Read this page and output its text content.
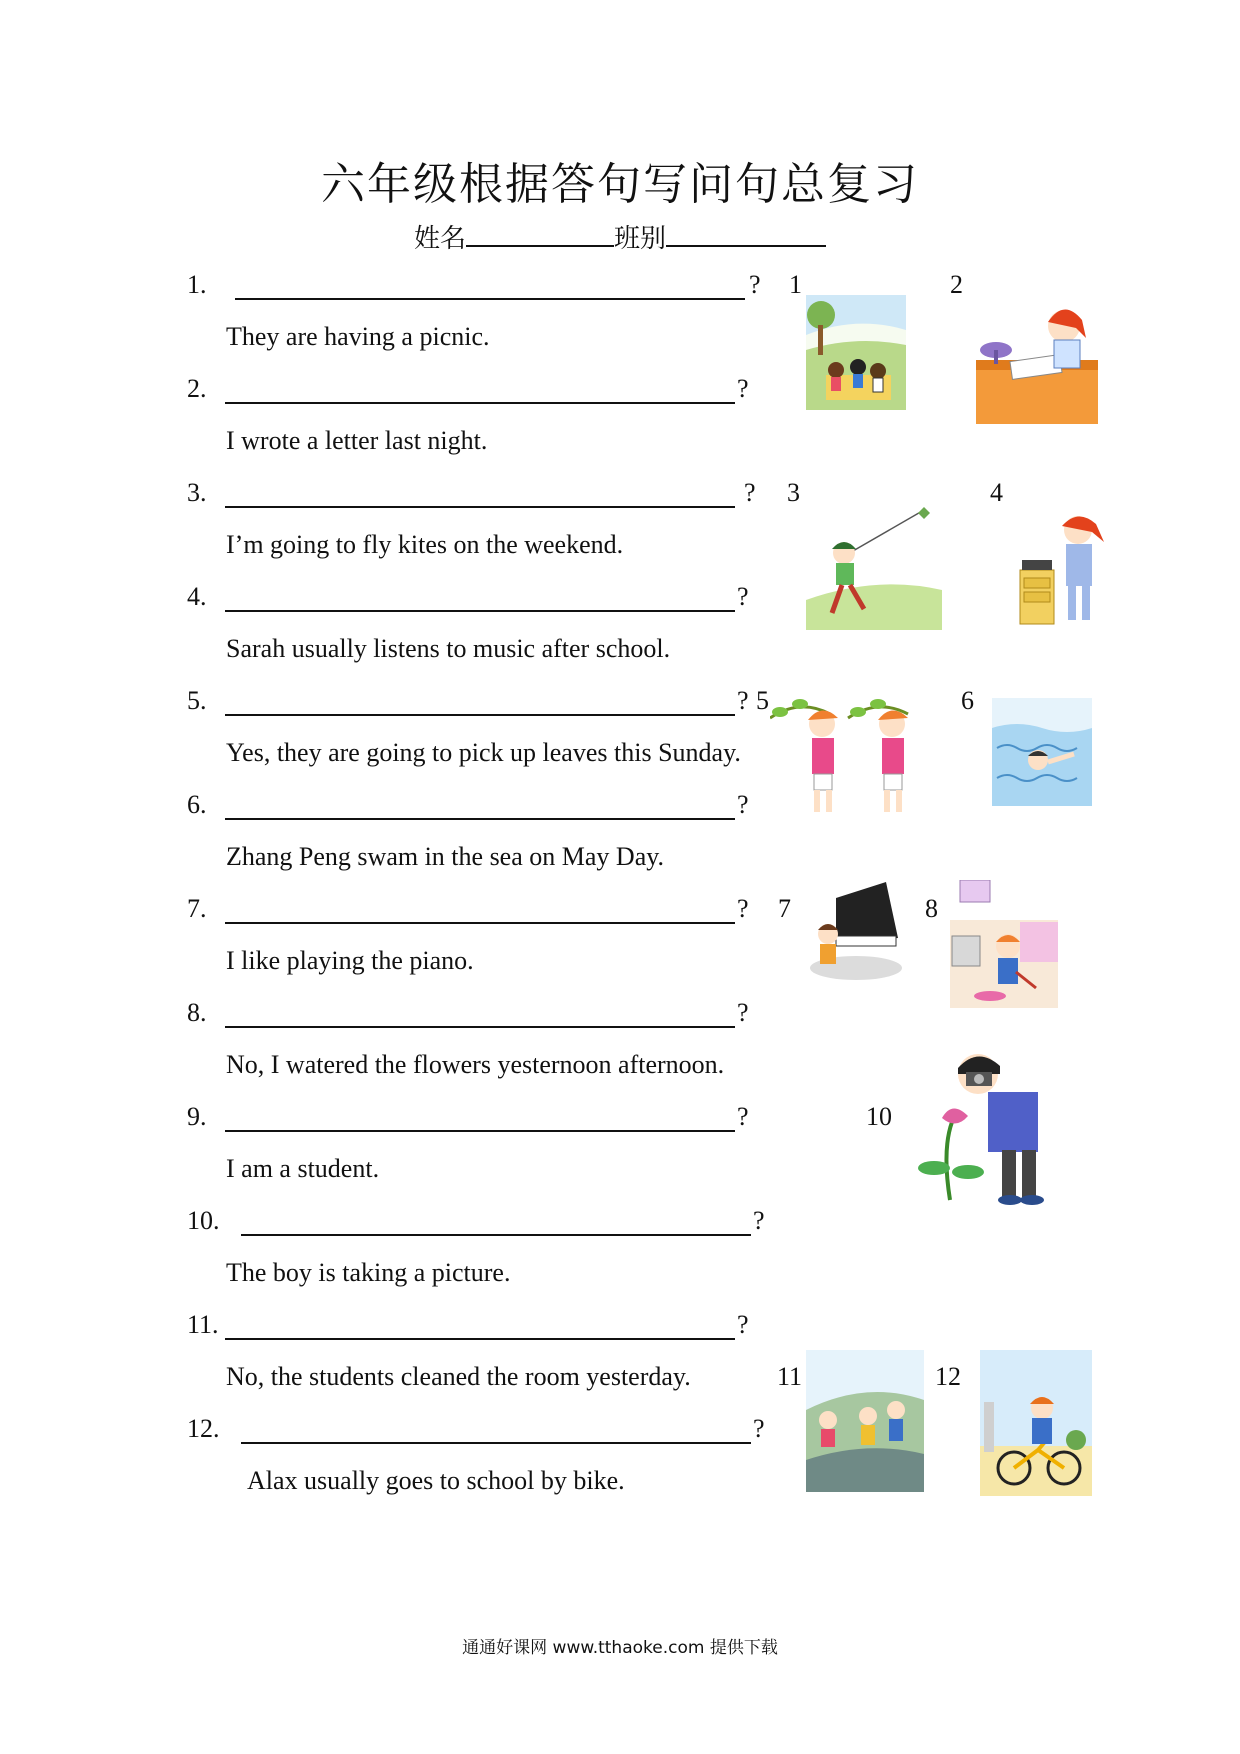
六年级根据答句写问句总复习
姓名	班别
1.	?
They are having a picnic.
2.	?
I wrote a letter last night.
3.	?
I’m going to fly kites on the weekend.
4.	?
Sarah usually listens to music after school.
5.	?
Yes, they are going to pick up leaves this Sunday.
6.	?
Zhang Peng swam in the sea on May Day.
7.	?
I like playing the piano.
8.	?
No, I watered the flowers yesternoon afternoon.
9.	?
I am a student.
10.	?
The boy is taking a picture.
11.	?
No, the students cleaned the room yesterday.
12.	?
Alax usually goes to school by bike.
1	2
3	4
5	6
7	8
10
11	12
通通好课网 www.tthaoke.com 提供下载
